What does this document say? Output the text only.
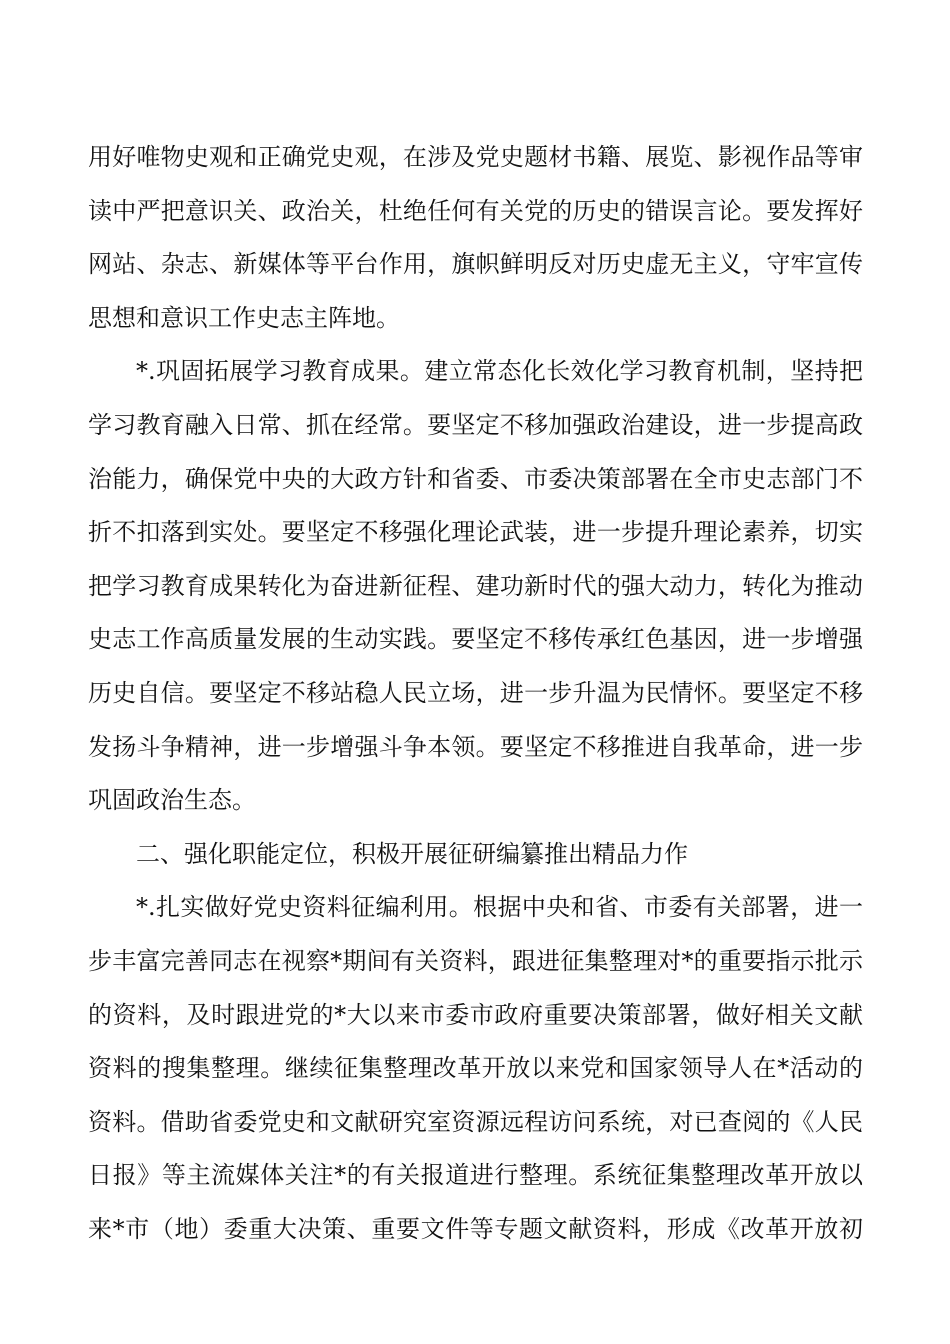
用好唯物史观和正确党史观，在涉及党史题材书籍、展览、影视作品等审
读中严把意识关、政治关，杜绝任何有关党的历史的错误言论。要发挥好
网站、杂志、新媒体等平台作用，旗帜鲜明反对历史虚无主义，守牢宣传
思想和意识工作史志主阵地。
*.巩固拓展学习教育成果。建立常态化长效化学习教育机制，坚持把
学习教育融入日常、抓在经常。要坚定不移加强政治建设，进一步提高政
治能力，确保党中央的大政方针和省委、市委决策部署在全市史志部门不
折不扣落到实处。要坚定不移强化理论武装，进一步提升理论素养，切实
把学习教育成果转化为奋进新征程、建功新时代的强大动力，转化为推动
史志工作高质量发展的生动实践。要坚定不移传承红色基因，进一步增强
历史自信。要坚定不移站稳人民立场，进一步升温为民情怀。要坚定不移
发扬斗争精神，进一步增强斗争本领。要坚定不移推进自我革命，进一步
巩固政治生态。
二、强化职能定位，积极开展征研编纂推出精品力作
*.扎实做好党史资料征编利用。根据中央和省、市委有关部署，进一
步丰富完善同志在视察*期间有关资料，跟进征集整理对*的重要指示批示
的资料，及时跟进党的*大以来市委市政府重要决策部署，做好相关文献
资料的搜集整理。继续征集整理改革开放以来党和国家领导人在*活动的
资料。借助省委党史和文献研究室资源远程访问系统，对已查阅的《人民
日报》等主流媒体关注*的有关报道进行整理。系统征集整理改革开放以
来*市（地）委重大决策、重要文件等专题文献资料，形成《改革开放初
